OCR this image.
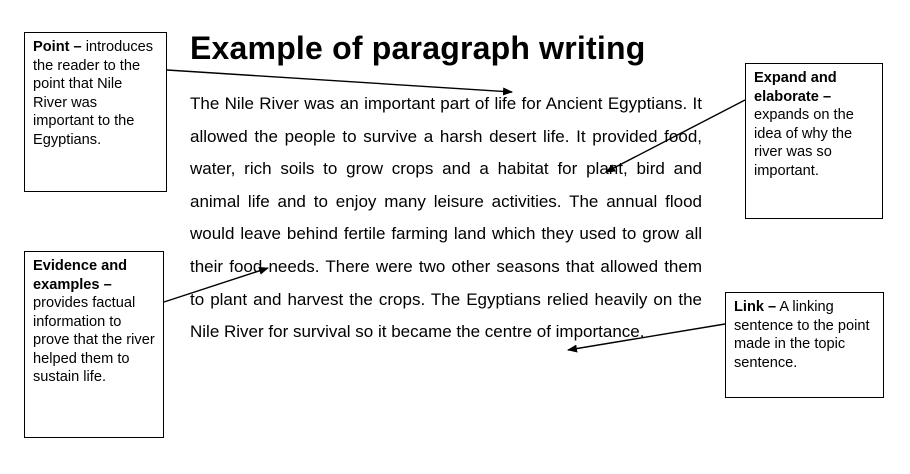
Example of paragraph writing

The Nile River was an important part of life for Ancient Egyptians. It allowed the people to survive a harsh desert life. It provided food, water, rich soils to grow crops and a habitat for plant, bird and animal life and to enjoy many leisure activities. The annual flood would leave behind fertile farming land which they used to grow all their food needs. There were two other seasons that allowed them to plant and harvest the crops. The Egyptians relied heavily on the Nile River for survival so it became the centre of importance.

Point – introduces the reader to the point that Nile River was important to the Egyptians.
Evidence and examples – provides factual information to prove that the river helped them to sustain life.
Expand and elaborate – expands on the idea of why the river was so important.
Link – A linking sentence to the point made in the topic sentence.
